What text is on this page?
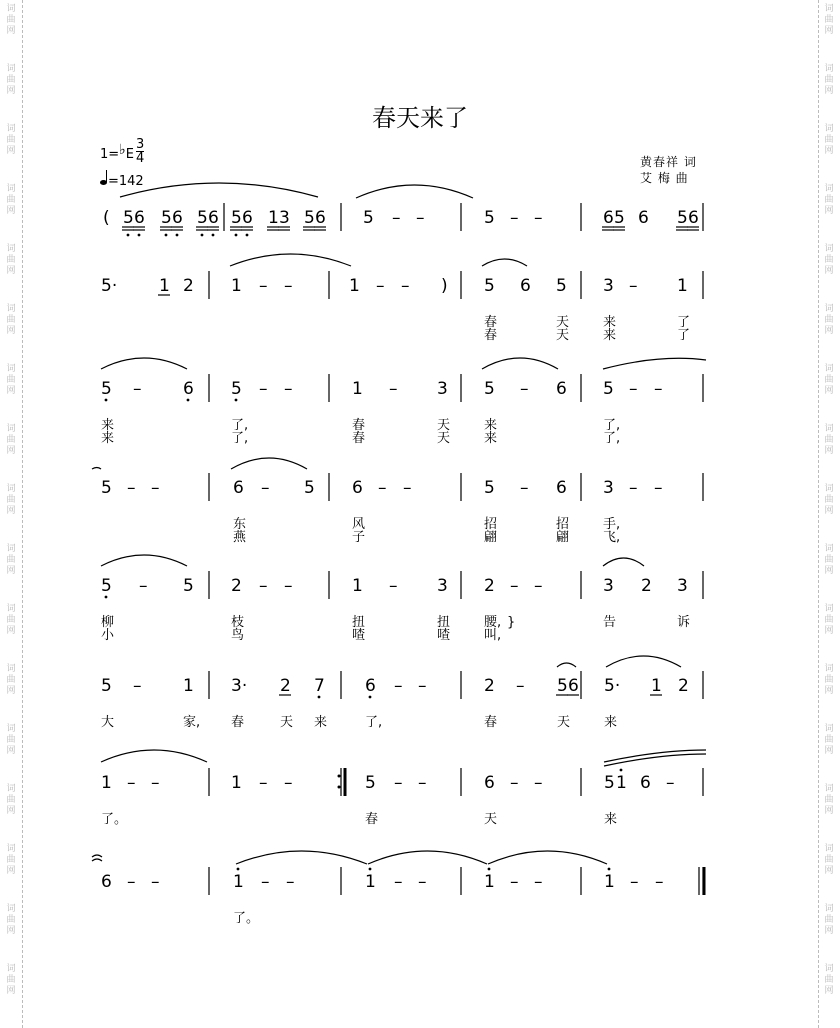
词
曲
网
词
曲
网
词
曲
网
词
曲
网
词
曲
网
词
曲
网
词
曲
网
词
曲
网
词
曲
网
词
曲
网
词
曲
网
词
曲
网
词
曲
网
词
曲
网
词
曲
网
词
曲
网
词
曲
网
词
曲
网
词
曲
网
词
曲
网
词
曲
网
词
曲
网
词
曲
网
词
曲
网
词
曲
网
词
曲
网
词
曲
网
词
曲
网
词
曲
网
词
曲
网
词
曲
网
词
曲
网
词
曲
网
词
曲
网
春天来了
1=♭E
3
4
=142
黄春祥 词
艾 梅 曲
( 5 6 5 6 5 6 5 6 1 3 5 6 5 – –	5 – –	6 5 6 5 6
5· 1 2 1 – –	1 – – ) 5 6 5 3 – 1
春	天	来	了
春	天	来	了
5 – 6 5 – –	1 – 3 5 – 6 5 – –
来	了,	春	天	来	了,
来	了,	春	天	来	了,
5 – –	6 – 5 6 – –	5 – 6 3 – –
东	风	招	招	手,
燕	子	翩	翩	飞,
5 – 5 2 – –	1 – 3 2 – –	3 2 3
柳	枝	扭	扭	腰, }	告	诉
小	鸟	喳	喳	叫,
5 – 1 3· 2 7 6 – –	2 – 5 6 5· 1 2
大	家, 春	天 来	了,	春	天	来
1 – –	1 – –	5 – –	6 – –	5 1 6 –
了。	春	天	来
6 – –	1 – –	1 – –	1 – –	1 – –
了。
